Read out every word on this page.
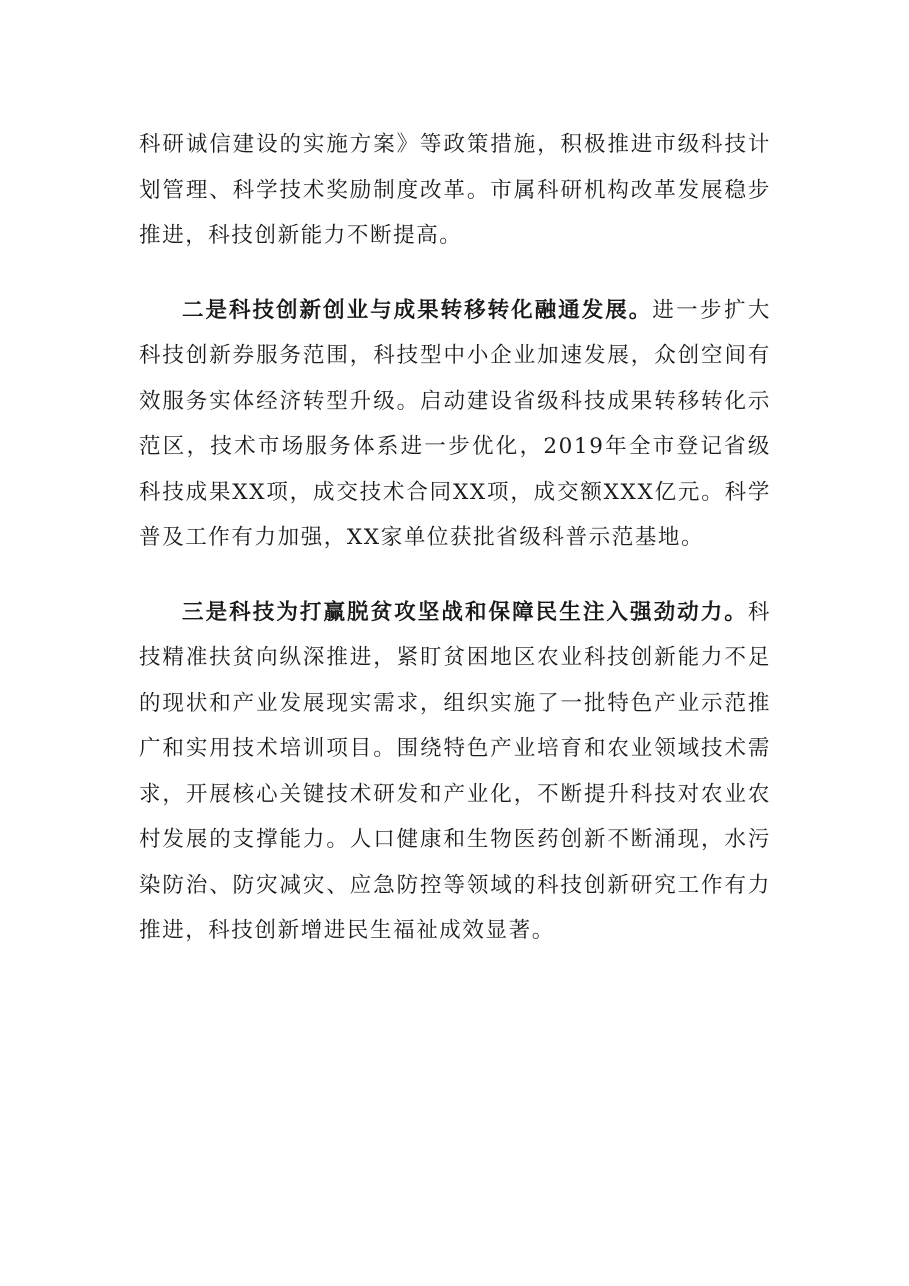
科研诚信建设的实施方案》等政策措施，积极推进市级科技计划管理、科学技术奖励制度改革。市属科研机构改革发展稳步推进，科技创新能力不断提高。

二是科技创新创业与成果转移转化融通发展。进一步扩大科技创新券服务范围，科技型中小企业加速发展，众创空间有效服务实体经济转型升级。启动建设省级科技成果转移转化示范区，技术市场服务体系进一步优化，2019年全市登记省级科技成果XX项，成交技术合同XX项，成交额XXX亿元。科学普及工作有力加强，XX家单位获批省级科普示范基地。

三是科技为打赢脱贫攻坚战和保障民生注入强劲动力。科技精准扶贫向纵深推进，紧盯贫困地区农业科技创新能力不足的现状和产业发展现实需求，组织实施了一批特色产业示范推广和实用技术培训项目。围绕特色产业培育和农业领域技术需求，开展核心关键技术研发和产业化，不断提升科技对农业农村发展的支撑能力。人口健康和生物医药创新不断涌现，水污染防治、防灾减灾、应急防控等领域的科技创新研究工作有力推进，科技创新增进民生福祉成效显著。
